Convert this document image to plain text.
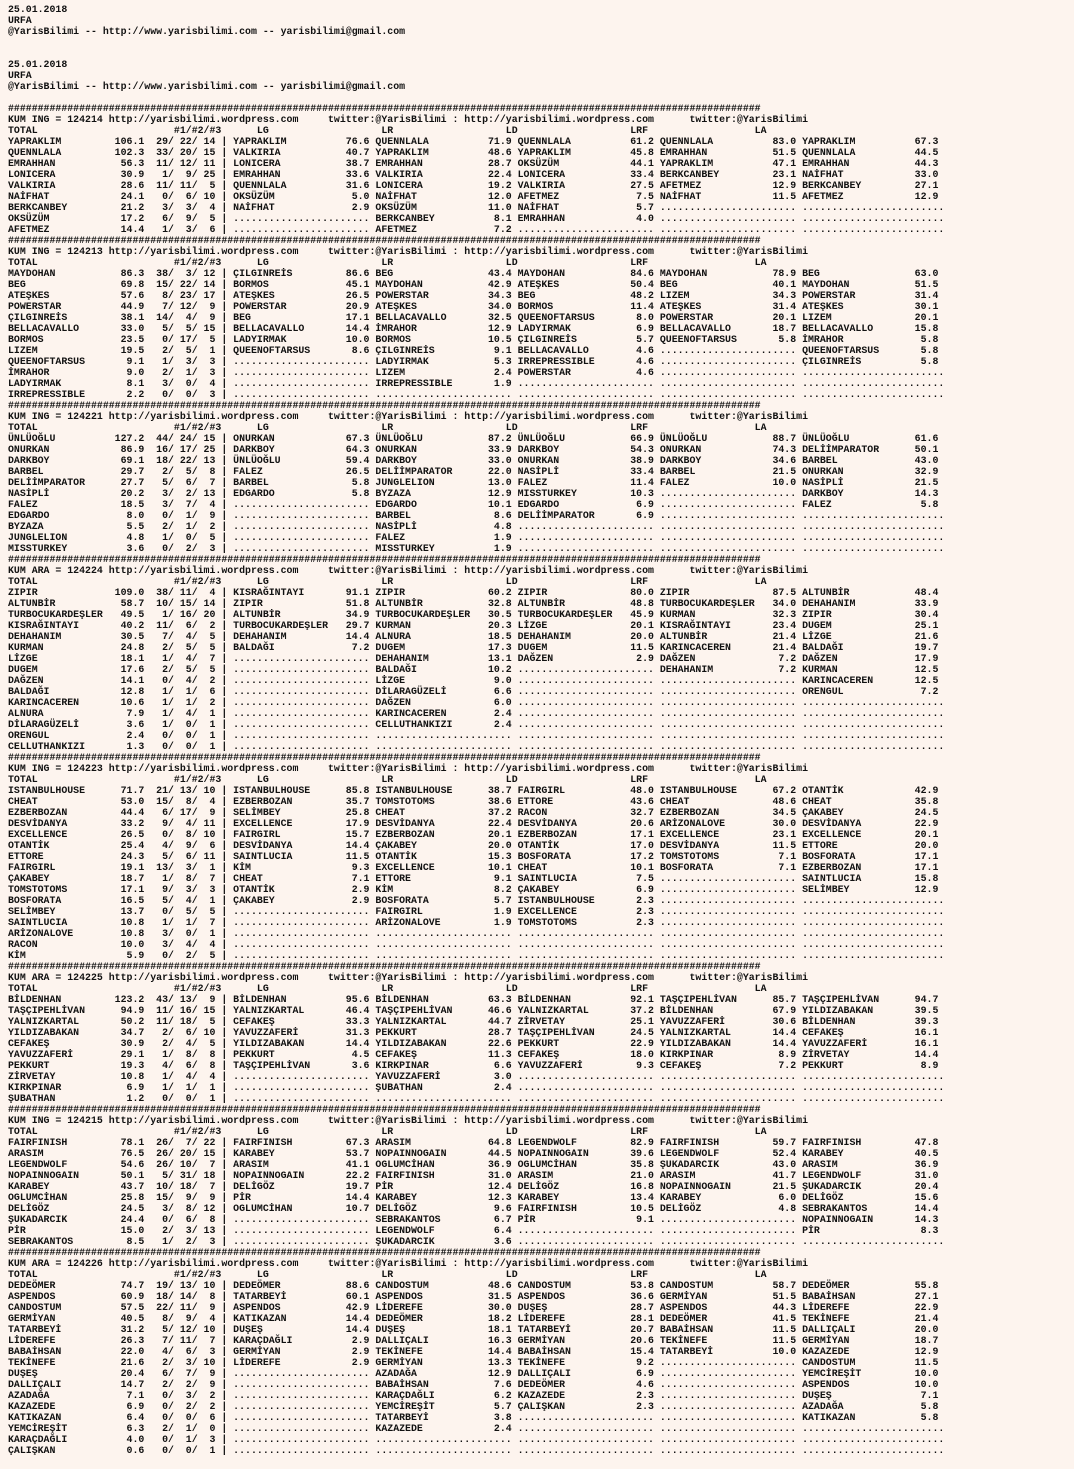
25.01.2018
URFA
@YarisBilimi -- http://www.yarisbilimi.com -- yarisbilimi@gmail.com
25.01.2018
URFA
@YarisBilimi -- http://www.yarisbilimi.com -- yarisbilimi@gmail.com
###############################################################################################################################
KUM ING = 124214 http://yarisbilimi.wordpress.com     twitter:@YarisBilimi : http://yarisbilimi.wordpress.com      twitter:@YarisBilimi
TOTAL                       #1/#2/#3      LG                   LR                   LD                   LRF                  LA
YAPRAKLIM         106.1  29/ 22/ 14 | YAPRAKLIM          76.6 QUENNLALA          71.9 QUENNLALA          61.2 QUENNLALA          83.0 YAPRAKLIM          67.3
QUENNLALA         102.3  33/ 20/ 15 | VALKIRIA           40.7 YAPRAKLIM          48.6 YAPRAKLIM          45.8 EMRAHHAN           51.5 QUENNLALA          44.5
EMRAHHAN           56.3  11/ 12/ 11 | LONICERA           38.7 EMRAHHAN           28.7 OKSÜZÜM            44.1 YAPRAKLIM          47.1 EMRAHHAN           44.3
LONICERA           30.9   1/  9/ 25 | EMRAHHAN           33.6 VALKIRIA           22.4 LONICERA           33.4 BERKCANBEY         23.1 NAİFHAT            33.0
VALKIRIA           28.6  11/ 11/  5 | QUENNLALA          31.6 LONICERA           19.2 VALKIRIA           27.5 AFETMEZ            12.9 BERKCANBEY         27.1
NAİFHAT            24.1   0/  6/ 10 | OKSÜZÜM             5.0 NAİFHAT            12.0 AFETMEZ             7.5 NAİFHAT            11.5 AFETMEZ            12.9
BERKCANBEY         21.2   3/  3/  4 | NAİFHAT             2.9 OKSÜZÜM            11.0 NAİFHAT             5.7 ....................... ........................
OKSÜZÜM            17.2   6/  9/  5 | ....................... BERKCANBEY          8.1 EMRAHHAN            4.0 ....................... ........................
AFETMEZ            14.4   1/  3/  6 | ....................... AFETMEZ             7.2 ....................... ....................... ........................
###############################################################################################################################
KUM ING = 124213 http://yarisbilimi.wordpress.com     twitter:@YarisBilimi : http://yarisbilimi.wordpress.com      twitter:@YarisBilimi
TOTAL                       #1/#2/#3      LG                   LR                   LD                   LRF                  LA
MAYDOHAN           86.3  38/  3/ 12 | ÇILGINREİS         86.6 BEG                43.4 MAYDOHAN           84.6 MAYDOHAN           78.9 BEG                63.0
BEG                69.8  15/ 22/ 14 | BORMOS             45.1 MAYDOHAN           42.9 ATEŞKES            50.4 BEG                40.1 MAYDOHAN           51.5
ATEŞKES            57.6   8/ 23/ 17 | ATEŞKES            26.5 POWERSTAR          34.3 BEG                48.2 LIZEM              34.3 POWERSTAR          31.4
POWERSTAR          44.9   7/ 12/  9 | POWERSTAR          20.9 ATEŞKES            34.0 BORMOS             11.4 ATEŞKES            31.4 ATEŞKES            30.1
ÇILGINREİS         38.1  14/  4/  9 | BEG                17.1 BELLACAVALLO       32.5 QUEENOFTARSUS       8.0 POWERSTAR          20.1 LIZEM              20.1
BELLACAVALLO       33.0   5/  5/ 15 | BELLACAVALLO       14.4 İMRAHOR            12.9 LADYIRMAK           6.9 BELLACAVALLO       18.7 BELLACAVALLO       15.8
BORMOS             23.5   0/ 17/  5 | LADYIRMAK          10.0 BORMOS             10.5 ÇILGINREİS          5.7 QUEENOFTARSUS       5.8 İMRAHOR             5.8
LIZEM              19.5   2/  5/  1 | QUEENOFTARSUS       8.6 ÇILGINREİS          9.1 BELLACAVALLO        4.6 ....................... QUEENOFTARSUS       5.8
QUEENOFTARSUS       9.1   1/  3/  3 | ....................... LADYIRMAK           5.3 IRREPRESSIBLE       4.6 ....................... ÇILGINREİS          5.8
İMRAHOR             9.0   2/  1/  3 | ....................... LIZEM               2.4 POWERSTAR           4.6 ....................... ........................
LADYIRMAK           8.1   3/  0/  4 | ....................... IRREPRESSIBLE       1.9 ....................... ....................... ........................
IRREPRESSIBLE       2.2   0/  0/  3 | ....................... ....................... ....................... ....................... ........................
###############################################################################################################################
KUM ING = 124221 http://yarisbilimi.wordpress.com     twitter:@YarisBilimi : http://yarisbilimi.wordpress.com      twitter:@YarisBilimi
TOTAL                       #1/#2/#3      LG                   LR                   LD                   LRF                  LA
ÜNLÜOĞLU          127.2  44/ 24/ 15 | ONURKAN            67.3 ÜNLÜOĞLU           87.2 ÜNLÜOĞLU           66.9 ÜNLÜOĞLU           88.7 ÜNLÜOĞLU           61.6
ONURKAN            86.9  16/ 17/ 25 | DARKBOY            64.3 ONURKAN            33.9 DARKBOY            54.3 ONURKAN            74.3 DELİİMPARATOR      50.1
DARKBOY            69.1  18/ 22/ 13 | ÜNLÜOĞLU           59.4 DARKBOY            33.0 ONURKAN            38.9 DARKBOY            34.6 BARBEL             43.0
BARBEL             29.7   2/  5/  8 | FALEZ              26.5 DELİİMPARATOR      22.0 NASİPLİ            33.4 BARBEL             21.5 ONURKAN            32.9
DELİİMPARATOR      27.7   5/  6/  7 | BARBEL              5.8 JUNGLELION         13.0 FALEZ              11.4 FALEZ              10.0 NASİPLİ            21.5
NASİPLİ            20.2   3/  2/ 13 | EDGARDO             5.8 BYZAZA             12.9 MISSTURKEY         10.3 ....................... DARKBOY            14.3
FALEZ              18.5   3/  7/  4 | ....................... EDGARDO            10.1 EDGARDO             6.9 ....................... FALEZ               5.8
EDGARDO             8.0   0/  1/  9 | ....................... BARBEL              8.6 DELİİMPARATOR       6.9 ....................... ........................
BYZAZA              5.5   2/  1/  2 | ....................... NASİPLİ             4.8 ....................... ....................... ........................
JUNGLELION          4.8   1/  0/  5 | ....................... FALEZ               1.9 ....................... ....................... ........................
MISSTURKEY          3.6   0/  2/  3 | ....................... MISSTURKEY          1.9 ....................... ....................... ........................
###############################################################################################################################
KUM ARA = 124224 http://yarisbilimi.wordpress.com     twitter:@YarisBilimi : http://yarisbilimi.wordpress.com      twitter:@YarisBilimi
TOTAL                       #1/#2/#3      LG                   LR                   LD                   LRF                  LA
ZIPIR             109.0  38/ 11/  4 | KISRAĞINTAYI       91.1 ZIPIR              60.2 ZIPIR              80.0 ZIPIR              87.5 ALTUNBİR           48.4
ALTUNBİR           58.7  10/ 15/ 14 | ZIPIR              51.8 ALTUNBİR           32.8 ALTUNBİR           48.8 TURBOCUKARDEŞLER   34.0 DEHAHANIM          33.9
TURBOCUKARDEŞLER   49.5   1/ 16/ 20 | ALTUNBİR           34.9 TURBOCUKARDEŞLER   30.5 TURBOCUKARDEŞLER   45.9 KURMAN             32.3 ZIPIR              30.4
KISRAĞINTAYI       40.2  11/  6/  2 | TURBOCUKARDEŞLER   29.7 KURMAN             20.3 LİZGE              20.1 KISRAĞINTAYI       23.4 DUGEM              25.1
DEHAHANIM          30.5   7/  4/  5 | DEHAHANIM          14.4 ALNURA             18.5 DEHAHANIM          20.0 ALTUNBİR           21.4 LİZGE              21.6
KURMAN             24.8   2/  5/  5 | BALDAĞI             7.2 DUGEM              17.3 DUGEM              11.5 KARINCACEREN       21.4 BALDAĞI            19.7
LİZGE              18.1   1/  4/  7 | ....................... DEHAHANIM          13.1 DAĞZEN              2.9 DAĞZEN              7.2 DAĞZEN             17.9
DUGEM              17.6   2/  5/  5 | ....................... BALDAĞI            10.2 ....................... DEHAHANIM           7.2 KURMAN             12.5
DAĞZEN             14.1   0/  4/  2 | ....................... LİZGE               9.0 ....................... ....................... KARINCACEREN       12.5
BALDAĞI            12.8   1/  1/  6 | ....................... DİLARAGÜZELİ        6.6 ....................... ....................... ORENGUL             7.2
KARINCACEREN       10.6   1/  1/  2 | ....................... DAĞZEN              6.0 ....................... ....................... ........................
ALNURA              7.9   1/  4/  1 | ....................... KARINCACEREN        2.4 ....................... ....................... ........................
DİLARAGÜZELİ        3.6   1/  0/  1 | ....................... CELLUTHANKIZI       2.4 ....................... ....................... ........................
ORENGUL             2.4   0/  0/  1 | ....................... ....................... ....................... ....................... ........................
CELLUTHANKIZI       1.3   0/  0/  1 | ....................... ....................... ....................... ....................... ........................
###############################################################################################################################
KUM ING = 124223 http://yarisbilimi.wordpress.com     twitter:@YarisBilimi : http://yarisbilimi.wordpress.com      twitter:@YarisBilimi
TOTAL                       #1/#2/#3      LG                   LR                   LD                   LRF                  LA
ISTANBULHOUSE      71.7  21/ 13/ 10 | ISTANBULHOUSE      85.8 ISTANBULHOUSE      38.7 FAIRGIRL           48.0 ISTANBULHOUSE      67.2 OTANTİK            42.9
CHEAT              53.0  15/  8/  4 | EZBERBOZAN         35.7 TOMSTOTOMS         38.6 ETTORE             43.6 CHEAT              48.6 CHEAT              35.8
EZBERBOZAN         44.4   6/ 17/  9 | SELİMBEY           25.8 CHEAT              37.2 RACON              32.7 EZBERBOZAN         34.5 ÇAKABEY            24.5
DESVİDANYA         33.2   9/  4/ 11 | EXCELLENCE         17.9 DESVİDANYA         22.4 DESVİDANYA         20.6 ARİZONALOVE        30.0 DESVİDANYA         22.9
EXCELLENCE         26.5   0/  8/ 10 | FAIRGIRL           15.7 EZBERBOZAN         20.1 EZBERBOZAN         17.1 EXCELLENCE         23.1 EXCELLENCE         20.1
OTANTİK            25.4   4/  9/  6 | DESVİDANYA         14.4 ÇAKABEY            20.0 OTANTİK            17.0 DESVİDANYA         11.5 ETTORE             20.0
ETTORE             24.3   5/  6/ 11 | SAINTLUCIA         11.5 OTANTİK            15.3 BOSFORATA          17.2 TOMSTOTOMS          7.1 BOSFORATA          17.1
FAIRGIRL           19.1  13/  3/  1 | KİM                 9.3 EXCELLENCE         10.1 CHEAT              10.1 BOSFORATA           7.1 EZBERBOZAN         17.1
ÇAKABEY            18.7   1/  8/  7 | CHEAT               7.1 ETTORE              9.1 SAINTLUCIA          7.5 ....................... SAINTLUCIA         15.8
TOMSTOTOMS         17.1   9/  3/  3 | OTANTİK             2.9 KİM                 8.2 ÇAKABEY             6.9 ....................... SELİMBEY           12.9
BOSFORATA          16.5   5/  4/  1 | ÇAKABEY             2.9 BOSFORATA           5.7 ISTANBULHOUSE       2.3 ....................... ........................
SELİMBEY           13.7   0/  5/  5 | ....................... FAIRGIRL            1.9 EXCELLENCE          2.3 ....................... ........................
SAINTLUCIA         10.8   1/  1/  7 | ....................... ARİZONALOVE         1.9 TOMSTOTOMS          2.3 ....................... ........................
ARİZONALOVE        10.8   3/  0/  1 | ....................... ....................... ....................... ....................... ........................
RACON              10.0   3/  4/  4 | ....................... ....................... ....................... ....................... ........................
KİM                 5.9   0/  2/  5 | ....................... ....................... ....................... ....................... ........................
###############################################################################################################################
KUM ARA = 124225 http://yarisbilimi.wordpress.com     twitter:@YarisBilimi : http://yarisbilimi.wordpress.com      twitter:@YarisBilimi
TOTAL                       #1/#2/#3      LG                   LR                   LD                   LRF                  LA
BİLDENHAN         123.2  43/ 13/  9 | BİLDENHAN          95.6 BİLDENHAN          63.3 BİLDENHAN          92.1 TAŞÇIPEHLİVAN      85.7 TAŞÇIPEHLİVAN      94.7
TAŞÇIPEHLİVAN      94.9  11/ 16/ 15 | YALNIZKARTAL       46.4 TAŞÇIPEHLİVAN      46.6 YALNIZKARTAL       37.2 BİLDENHAN          67.9 YILDIZABAKAN       39.5
YALNIZKARTAL       50.2  11/ 18/  5 | CEFAKEŞ            33.3 YALNIZKARTAL       44.7 ZİRVETAY           25.1 YAVUZZAFERİ        30.6 BİLDENHAN          39.3
YILDIZABAKAN       34.7   2/  6/ 10 | YAVUZZAFERİ        31.3 PEKKURT            28.7 TAŞÇIPEHLİVAN      24.5 YALNIZKARTAL       14.4 CEFAKEŞ            16.1
CEFAKEŞ            30.9   2/  4/  5 | YILDIZABAKAN       14.4 YILDIZABAKAN       22.6 PEKKURT            22.9 YILDIZABAKAN       14.4 YAVUZZAFERİ        16.1
YAVUZZAFERİ        29.1   1/  8/  8 | PEKKURT             4.5 CEFAKEŞ            11.3 CEFAKEŞ            18.0 KIRKPINAR           8.9 ZİRVETAY           14.4
PEKKURT            19.3   4/  6/  8 | TAŞÇIPEHLİVAN       3.6 KIRKPINAR           6.6 YAVUZZAFERİ         9.3 CEFAKEŞ             7.2 PEKKURT             8.9
ZİRVETAY           10.8   1/  4/  4 | ....................... YAVUZZAFERİ         3.0 ....................... ....................... ........................
KIRKPINAR           6.9   1/  1/  1 | ....................... ŞUBATHAN            2.4 ....................... ....................... ........................
ŞUBATHAN            1.2   0/  0/  1 | ....................... ....................... ....................... ....................... ........................
###############################################################################################################################
KUM ING = 124215 http://yarisbilimi.wordpress.com     twitter:@YarisBilimi : http://yarisbilimi.wordpress.com      twitter:@YarisBilimi
TOTAL                       #1/#2/#3      LG                   LR                   LD                   LRF                  LA
FAIRFINISH         78.1  26/  7/ 22 | FAIRFINISH         67.3 ARASIM             64.8 LEGENDWOLF         82.9 FAIRFINISH         59.7 FAIRFINISH         47.8
ARASIM             76.5  26/ 20/ 15 | KARABEY            53.7 NOPAINNOGAIN       44.5 NOPAINNOGAIN       39.6 LEGENDWOLF         52.4 KARABEY            40.5
LEGENDWOLF         54.6  26/ 10/  7 | ARASIM             41.1 OGLUMCİHAN         36.9 OGLUMCİHAN         35.8 ŞUKADARCIK         43.0 ARASIM             36.9
NOPAINNOGAIN       50.1   5/ 31/ 18 | NOPAINNOGAIN       22.2 FAIRFINISH         31.0 ARASIM             21.0 ARASIM             41.7 LEGENDWOLF         31.0
KARABEY            43.7  10/ 18/  7 | DELİGÖZ            19.7 PİR                12.4 DELİGÖZ            16.8 NOPAINNOGAIN       21.5 ŞUKADARCIK         20.4
OGLUMCİHAN         25.8  15/  9/  9 | PİR                14.4 KARABEY            12.3 KARABEY            13.4 KARABEY             6.0 DELİGÖZ            15.6
DELİGÖZ            24.5   3/  8/ 12 | OGLUMCİHAN         10.7 DELİGÖZ             9.6 FAIRFINISH         10.5 DELİGÖZ             4.8 SEBRAKANTOS        14.4
ŞUKADARCIK         24.4   0/  6/  8 | ....................... SEBRAKANTOS         6.7 PİR                 9.1 ....................... NOPAINNOGAIN       14.3
PİR                15.0   2/  3/ 13 | ....................... LEGENDWOLF          6.4 ....................... ....................... PİR                 8.3
SEBRAKANTOS         8.5   1/  2/  3 | ....................... ŞUKADARCIK          3.6 ....................... ....................... ........................
###############################################################################################################################
KUM ARA = 124226 http://yarisbilimi.wordpress.com     twitter:@YarisBilimi : http://yarisbilimi.wordpress.com      twitter:@YarisBilimi
TOTAL                       #1/#2/#3      LG                   LR                   LD                   LRF                  LA
DEDEÖMER           74.7  19/ 13/ 10 | DEDEÖMER           88.6 CANDOSTUM          48.6 CANDOSTUM          53.8 CANDOSTUM          58.7 DEDEÖMER           55.8
ASPENDOS           60.9  18/ 14/  8 | TATARBEYİ          60.1 ASPENDOS           31.5 ASPENDOS           36.6 GERMİYAN           51.5 BABAİHSAN          27.1
CANDOSTUM          57.5  22/ 11/  9 | ASPENDOS           42.9 LİDEREFE           30.0 DUŞEŞ              28.7 ASPENDOS           44.3 LİDEREFE           22.9
GERMİYAN           40.5   8/  9/  4 | KATIKAZAN          14.4 DEDEÖMER           18.2 LİDEREFE           28.1 DEDEÖMER           41.5 TEKİNEFE           21.4
TATARBEYİ          31.2   5/ 12/ 10 | DUŞEŞ              14.4 DUŞEŞ              18.1 TATARBEYİ          20.7 BABAİHSAN          11.5 DALLIÇALI          20.0
LİDEREFE           26.3   7/ 11/  7 | KARAÇDAĞLI          2.9 DALLIÇALI          16.3 GERMİYAN           20.6 TEKİNEFE           11.5 GERMİYAN           18.7
BABAİHSAN          22.0   4/  6/  3 | GERMİYAN            2.9 TEKİNEFE           14.4 BABAİHSAN          15.4 TATARBEYİ          10.0 KAZAZEDE           12.9
TEKİNEFE           21.6   2/  3/ 10 | LİDEREFE            2.9 GERMİYAN           13.3 TEKİNEFE            9.2 ....................... CANDOSTUM          11.5
DUŞEŞ              20.4   6/  7/  9 | ....................... AZADAĞA            12.9 DALLIÇALI           6.9 ....................... YEMCİREŞİT         10.0
DALLIÇALI          14.7   2/  2/  9 | ....................... BABAİHSAN           7.6 DEDEÖMER            4.6 ....................... ASPENDOS           10.0
AZADAĞA             7.1   0/  3/  2 | ....................... KARAÇDAĞLI          6.2 KAZAZEDE            2.3 ....................... DUŞEŞ               7.1
KAZAZEDE            6.9   0/  2/  2 | ....................... YEMCİREŞİT          5.7 ÇALIŞKAN            2.3 ....................... AZADAĞA             5.8
KATIKAZAN           6.4   0/  0/  6 | ....................... TATARBEYİ           3.8 ....................... ....................... KATIKAZAN           5.8
YEMCİREŞİT          6.3   2/  1/  0 | ....................... KAZAZEDE            2.4 ....................... ....................... ........................
KARAÇDAĞLI          4.0   0/  1/  3 | ....................... ....................... ....................... ....................... ........................
ÇALIŞKAN            0.6   0/  0/  1 | ....................... ....................... ....................... ....................... ........................
